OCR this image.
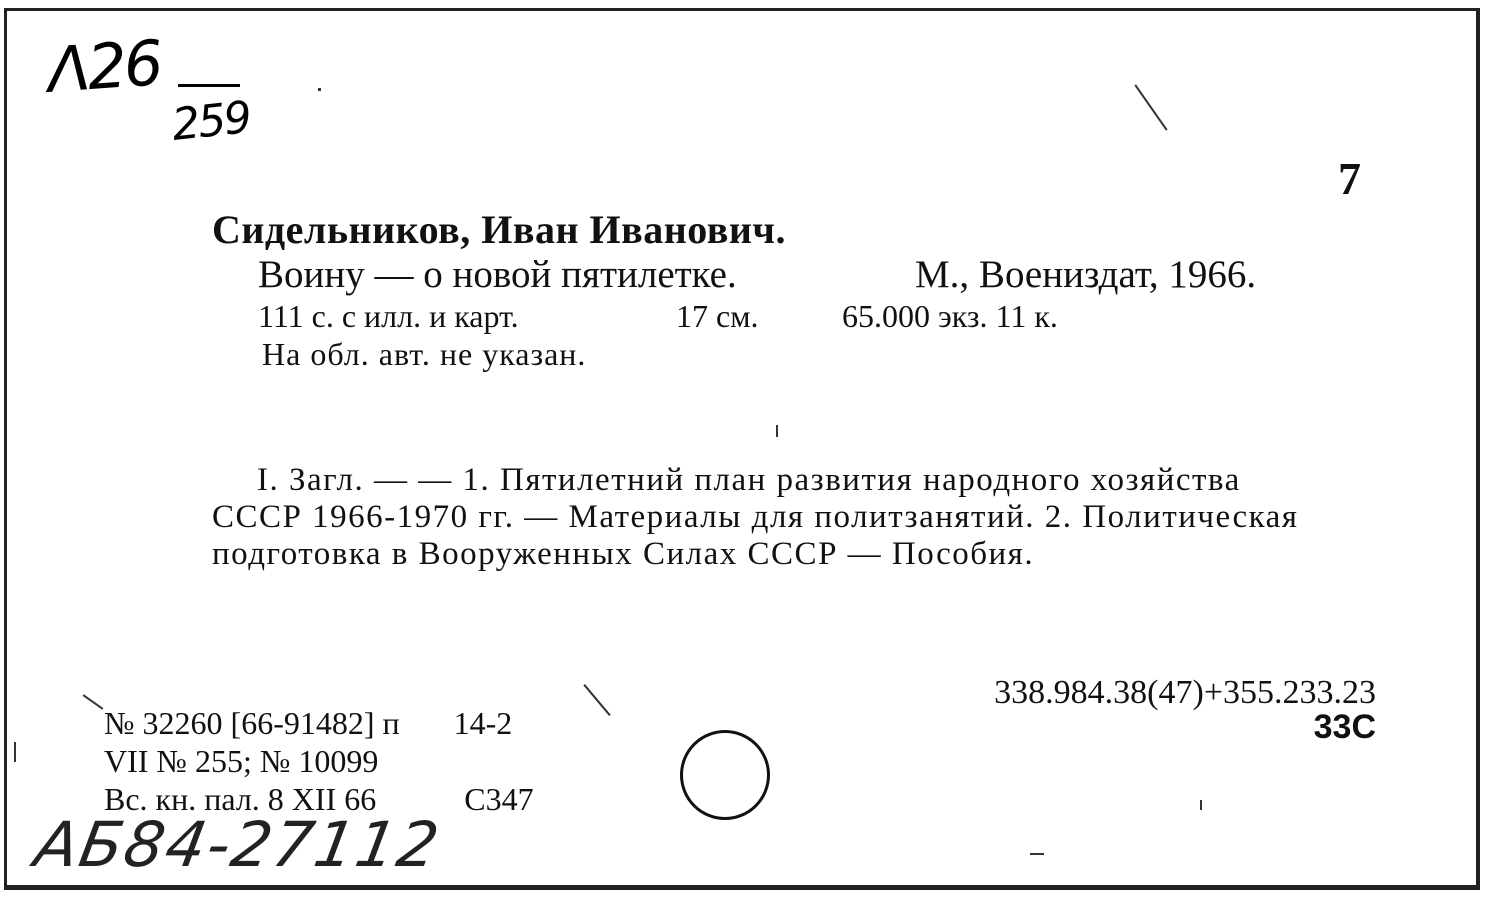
Λ26
259
7
Сидельников, Иван Иванович.
Воину — о новой пятилетке.	М., Воениздат, 1966.
111 с. с илл. и карт.	17 см.	65.000 экз. 11 к.
На обл. авт. не указан.
I. Загл. — — 1. Пятилетний план развития народного хозяйства
СССР 1966-1970 гг. — Материалы для политзанятий. 2. Политическая
подготовка в Вооруженных Силах СССР — Пособия.
338.984.38(47)+355.233.23
33С
№ 32260 [66-91482] п 14-2
VII № 255; № 10099
Вс. кн. пал. 8 XII 66	С347
АБ84-27112
